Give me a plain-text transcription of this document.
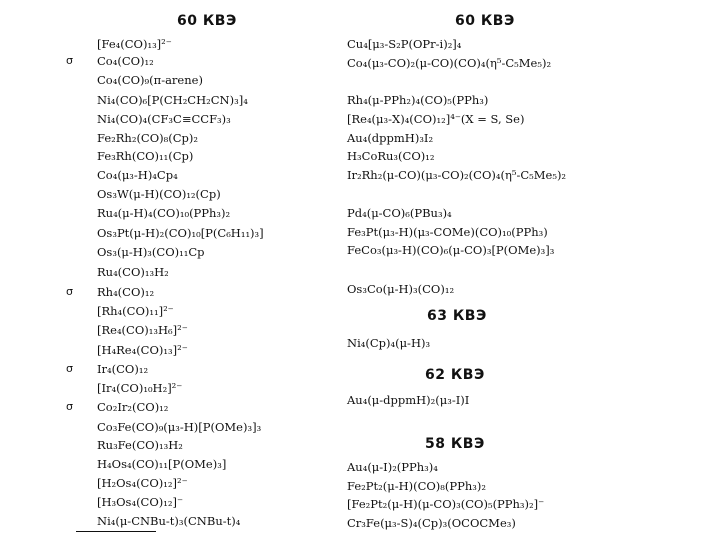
60 КВЭ
[Fe₄(CO)₁₃]²⁻
Co₄(CO)₁₂
σ
Co₄(CO)₉(π-arene)
Ni₄(CO)₆[P(CH₂CH₂CN)₃]₄
Ni₄(CO)₄(CF₃C≡CCF₃)₃
Fe₂Rh₂(CO)₈(Cp)₂
Fe₃Rh(CO)₁₁(Cp)
Co₄(μ₃-H)₄Cp₄
Os₃W(μ-H)(CO)₁₂(Cp)
Ru₄(μ-H)₄(CO)₁₀(PPh₃)₂
Os₃Pt(μ-H)₂(CO)₁₀[P(C₆H₁₁)₃]
Os₃(μ-H)₃(CO)₁₁Cp
Ru₄(CO)₁₃H₂
Rh₄(CO)₁₂
σ
[Rh₄(CO)₁₁]²⁻
[Re₄(CO)₁₃H₆]²⁻
[H₄Re₄(CO)₁₃]²⁻
Ir₄(CO)₁₂
σ
[Ir₄(CO)₁₀H₂]²⁻
Co₂Ir₂(CO)₁₂
σ
Co₃Fe(CO)₉(μ₃-H)[P(OMe)₃]₃
Ru₃Fe(CO)₁₃H₂
H₄Os₄(CO)₁₁[P(OMe)₃]
[H₂Os₄(CO)₁₂]²⁻
[H₃Os₄(CO)₁₂]⁻
Ni₄(μ-CNBu-t)₃(CNBu-t)₄
60 КВЭ
Cu₄[μ₃-S₂P(OPr-i)₂]₄
Co₄(μ₃-CO)₂(μ-CO)(CO)₄(η⁵-C₅Me₅)₂
Rh₄(μ-PPh₂)₄(CO)₅(PPh₃)
[Re₄(μ₃-X)₄(CO)₁₂]⁴⁻(X = S, Se)
Au₄(dppmH)₃I₂
H₃CoRu₃(CO)₁₂
Ir₂Rh₂(μ-CO)(μ₃-CO)₂(CO)₄(η⁵-C₅Me₅)₂
Pd₄(μ-CO)₆(PBu₃)₄
Fe₃Pt(μ₃-H)(μ₃-COMe)(CO)₁₀(PPh₃)
FeCo₃(μ₃-H)(CO)₆(μ-CO)₃[P(OMe)₃]₃
Os₃Co(μ-H)₃(CO)₁₂
63 КВЭ
Ni₄(Cp)₄(μ-H)₃
62 КВЭ
Au₄(μ-dppmH)₂(μ₃-I)I
58 КВЭ
Au₄(μ-I)₂(PPh₃)₄
Fe₂Pt₂(μ-H)(CO)₈(PPh₃)₂
[Fe₂Pt₂(μ-H)(μ-CO)₃(CO)₅(PPh₃)₂]⁻
Cr₃Fe(μ₃-S)₄(Cp)₃(OCOCMe₃)
